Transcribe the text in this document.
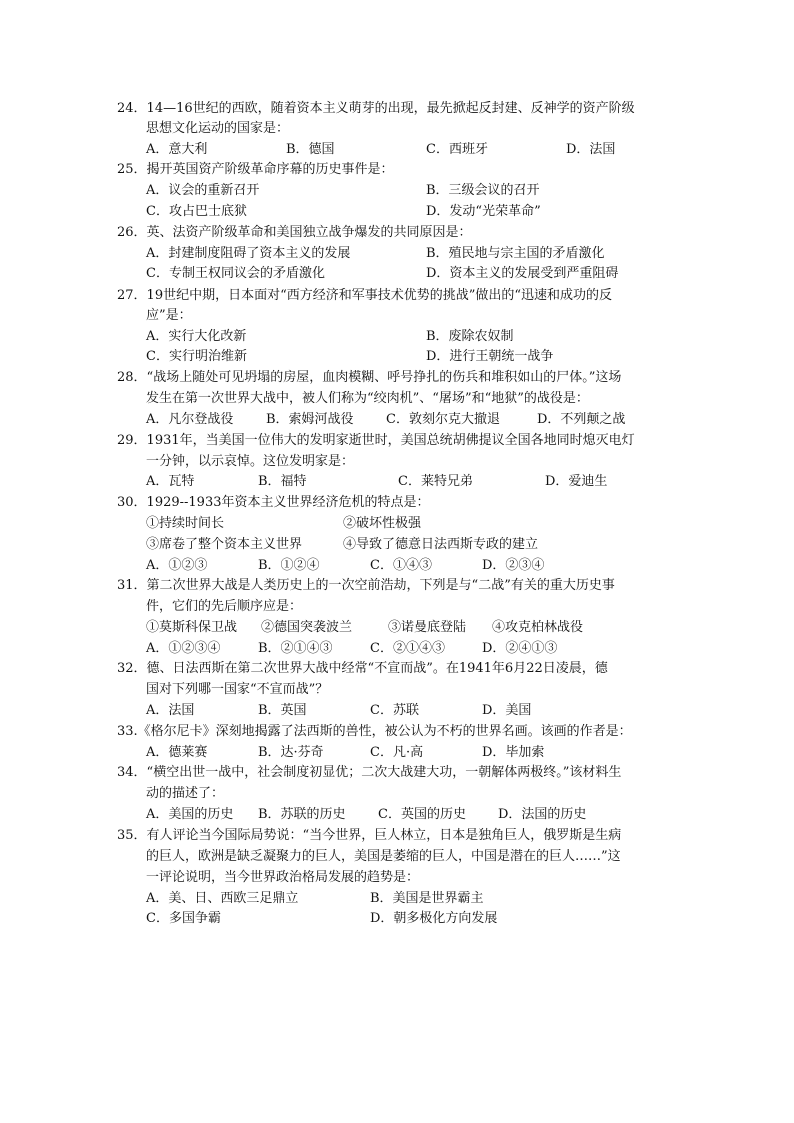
24．14—16世纪的西欧，随着资本主义萌芽的出现，最先掀起反封建、反神学的资产阶级
思想文化运动的国家是：
A．意大利	B．德国	C．西班牙	D．法国
25．揭开英国资产阶级革命序幕的历史事件是：
A．议会的重新召开	B．三级会议的召开
C．攻占巴士底狱	D．发动“光荣革命”
26．英、法资产阶级革命和美国独立战争爆发的共同原因是：
A．封建制度阻碍了资本主义的发展	B．殖民地与宗主国的矛盾激化
C．专制王权同议会的矛盾激化	D．资本主义的发展受到严重阻碍
27．19世纪中期，日本面对“西方经济和军事技术优势的挑战”做出的“迅速和成功的反
应”是：
A．实行大化改新	B．废除农奴制
C．实行明治维新	D．进行王朝统一战争
28．“战场上随处可见坍塌的房屋，血肉模糊、呼号挣扎的伤兵和堆积如山的尸体。”这场
发生在第一次世界大战中，被人们称为“绞肉机”、“屠场”和“地狱”的战役是：
A．凡尔登战役	B．索姆河战役 C．敦刻尔克大撤退	D．不列颠之战
29．1931年，当美国一位伟大的发明家逝世时，美国总统胡佛提议全国各地同时熄灭电灯
一分钟，以示哀悼。这位发明家是：
A．瓦特	B．福特	C．莱特兄弟	D．爱迪生
30．1929--1933年资本主义世界经济危机的特点是：
①持续时间长	②破坏性极强
③席卷了整个资本主义世界	④导致了德意日法西斯专政的建立
A．①②③	B．①②④	C．①④③	D．②③④
31．第二次世界大战是人类历史上的一次空前浩劫，下列是与“二战”有关的重大历史事
件，它们的先后顺序应是：
①莫斯科保卫战 ②德国突袭波兰	③诺曼底登陆 ④攻克柏林战役
A．①②③④	B．②①④③	C．②①④③	D．②④①③
32．德、日法西斯在第二次世界大战中经常“不宣而战”。在1941年6月22日凌晨，德
国对下列哪一国家“不宣而战”？
A．法国	B．英国	C．苏联	D．美国
33.《格尔尼卡》深刻地揭露了法西斯的兽性，被公认为不朽的世界名画。该画的作者是：
A．德莱赛	B．达·芬奇	C．凡·高	D．毕加索
34．“横空出世一战中，社会制度初显优；二次大战建大功，一朝解体两极终。”该材料生
动的描述了：
A．美国的历史 B．苏联的历史 C．英国的历史 D．法国的历史
35．有人评论当今国际局势说：“当今世界，巨人林立，日本是独角巨人，俄罗斯是生病
的巨人，欧洲是缺乏凝聚力的巨人，美国是萎缩的巨人，中国是潜在的巨人……”这
一评论说明，当今世界政治格局发展的趋势是：
A．美、日、西欧三足鼎立	B．美国是世界霸主
C．多国争霸	D．朝多极化方向发展
